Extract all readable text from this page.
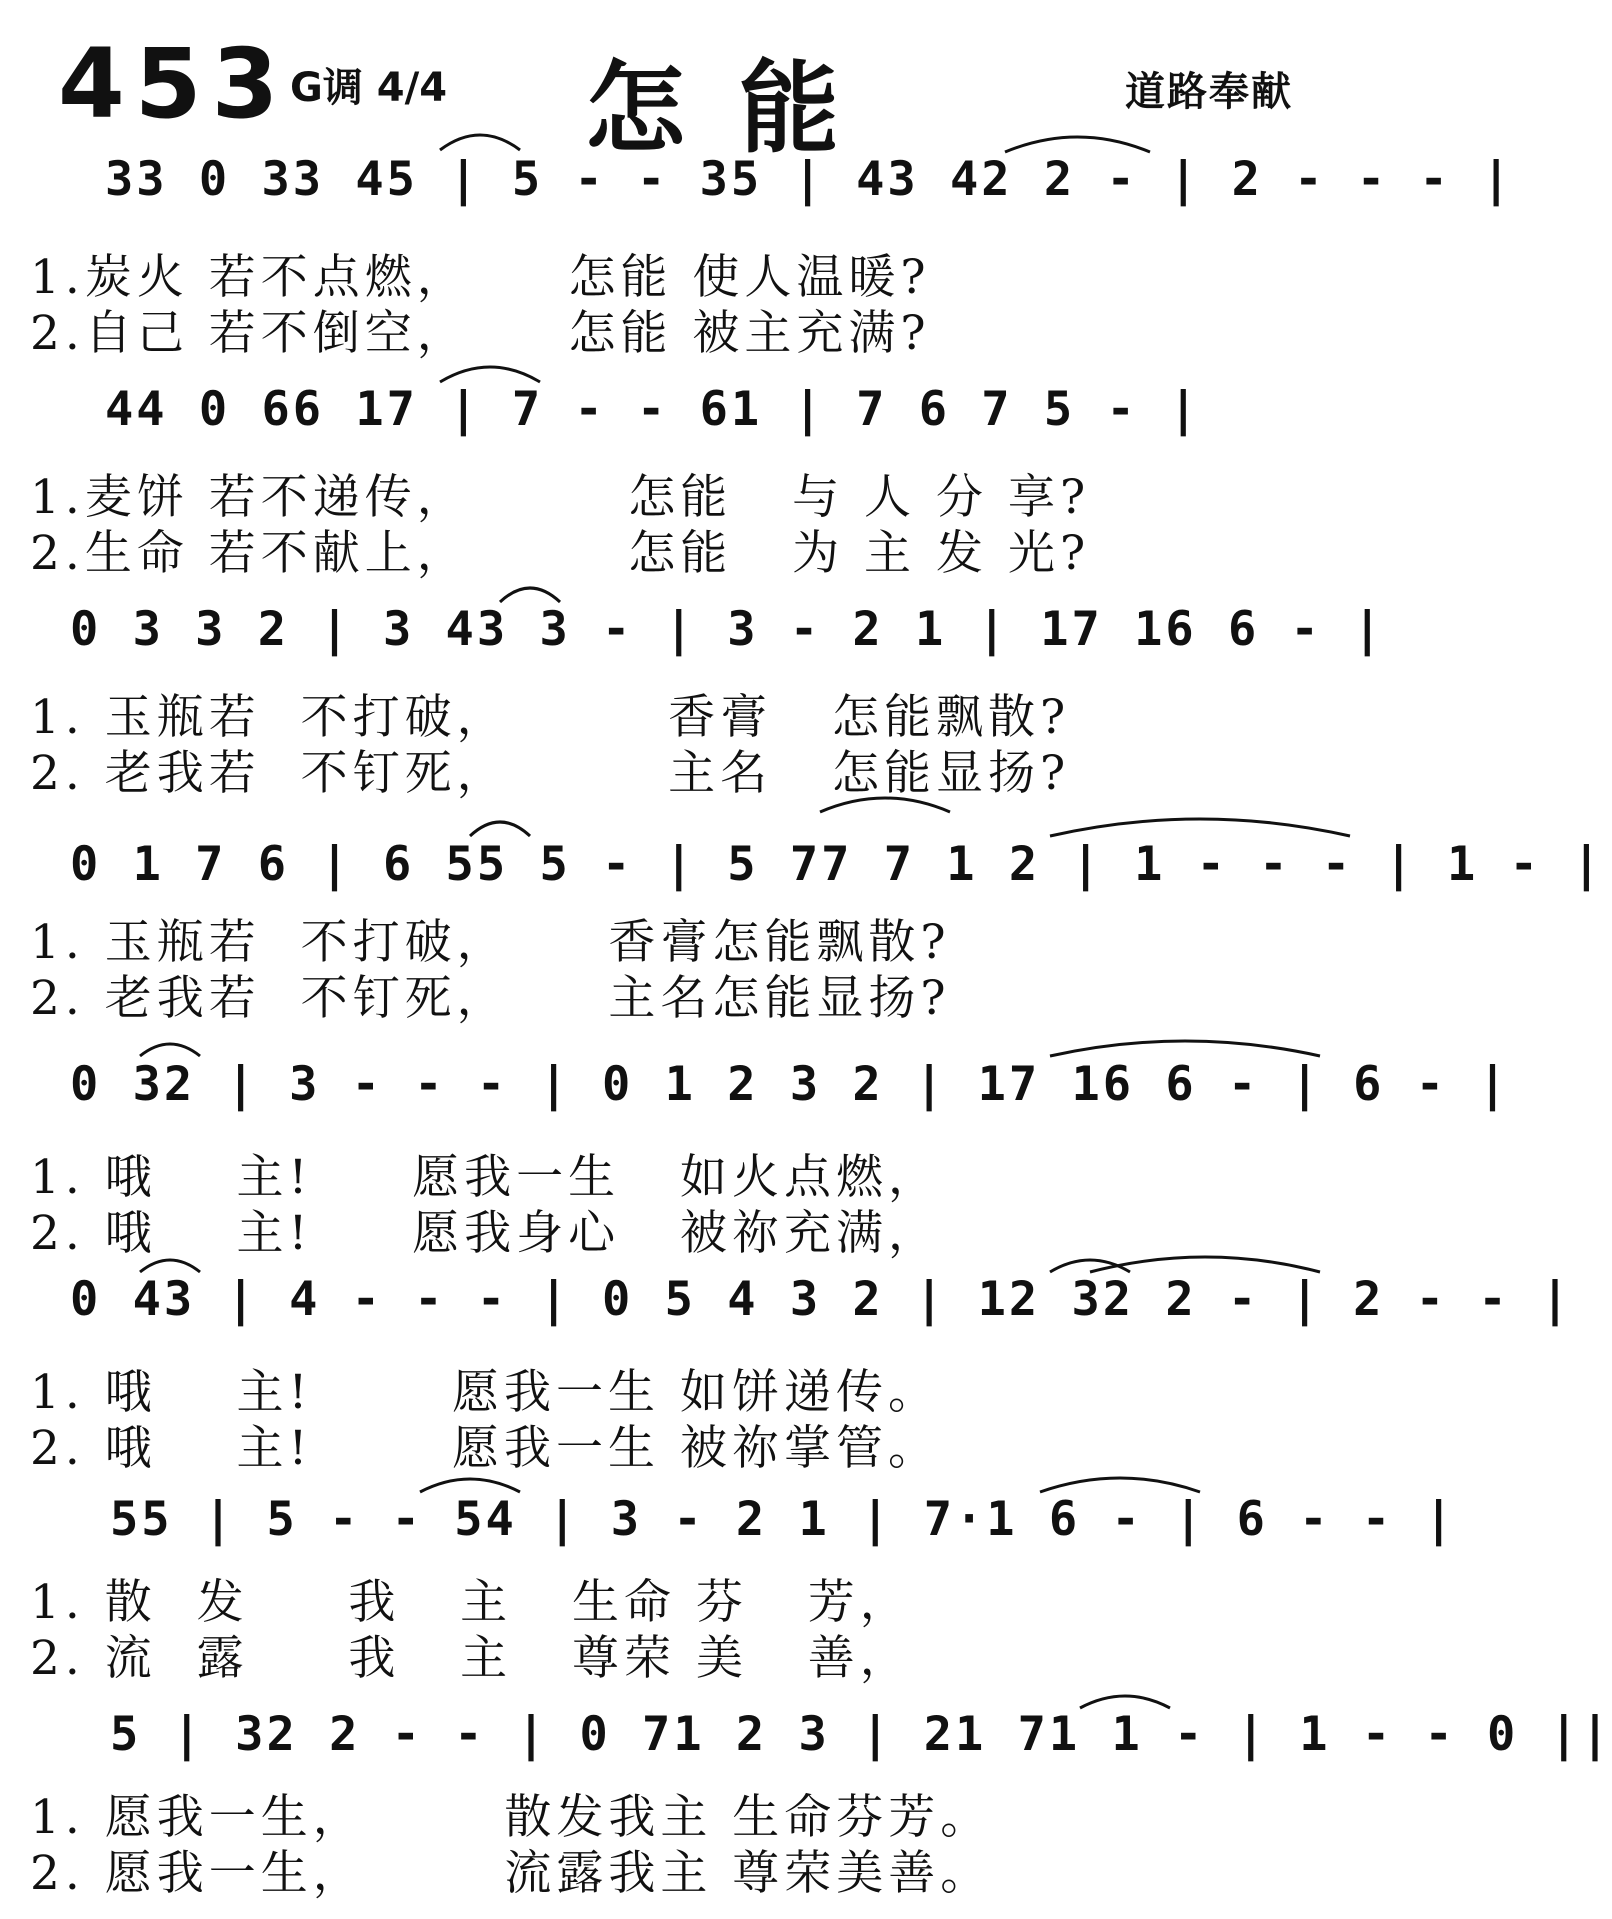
453 G调 4/4 怎能	道路奉献
33 0 33 45 | 5 - - 35 | 43 42 2 - | 2 - - - |
1.炭火 若不点燃，     怎能 使人温暖?
2.自己 若不倒空，     怎能 被主充满?
44 0 66 17 | 7 - - 61 | 7 6 7 5 - |
1.麦饼 若不递传，        怎能   与 人 分 享?
2.生命 若不献上，        怎能   为 主 发 光?
0 3 3 2 | 3 43 3 - | 3 - 2 1 | 17 16 6 - |
1. 玉瓶若  不打破，        香膏   怎能飘散?
2. 老我若  不钉死，        主名   怎能显扬?
0 1 7 6 | 6 55 5 - | 5 77 7 1 2 | 1 - - - | 1 - |
1. 玉瓶若  不打破，     香膏怎能飘散?
2. 老我若  不钉死，     主名怎能显扬?
0 32 | 3 - - - | 0 1 2 3 2 | 17 16 6 - | 6 - |
1. 哦    主!     愿我一生   如火点燃，
2. 哦    主!     愿我身心   被祢充满，
0 43 | 4 - - - | 0 5 4 3 2 | 12 32 2 - | 2 - - |
1. 哦    主!       愿我一生 如饼递传。
2. 哦    主!       愿我一生 被祢掌管。
55 | 5 - - 54 | 3 - 2 1 | 7·1 6 - | 6 - - |
1. 散  发     我   主   生命 芬   芳，
2. 流  露     我   主   尊荣 美   善，
5 | 32 2 - - | 0 71 2 3 | 21 71 1 - | 1 - - 0 ||
1. 愿我一生，       散发我主 生命芬芳。
2. 愿我一生，       流露我主 尊荣美善。
